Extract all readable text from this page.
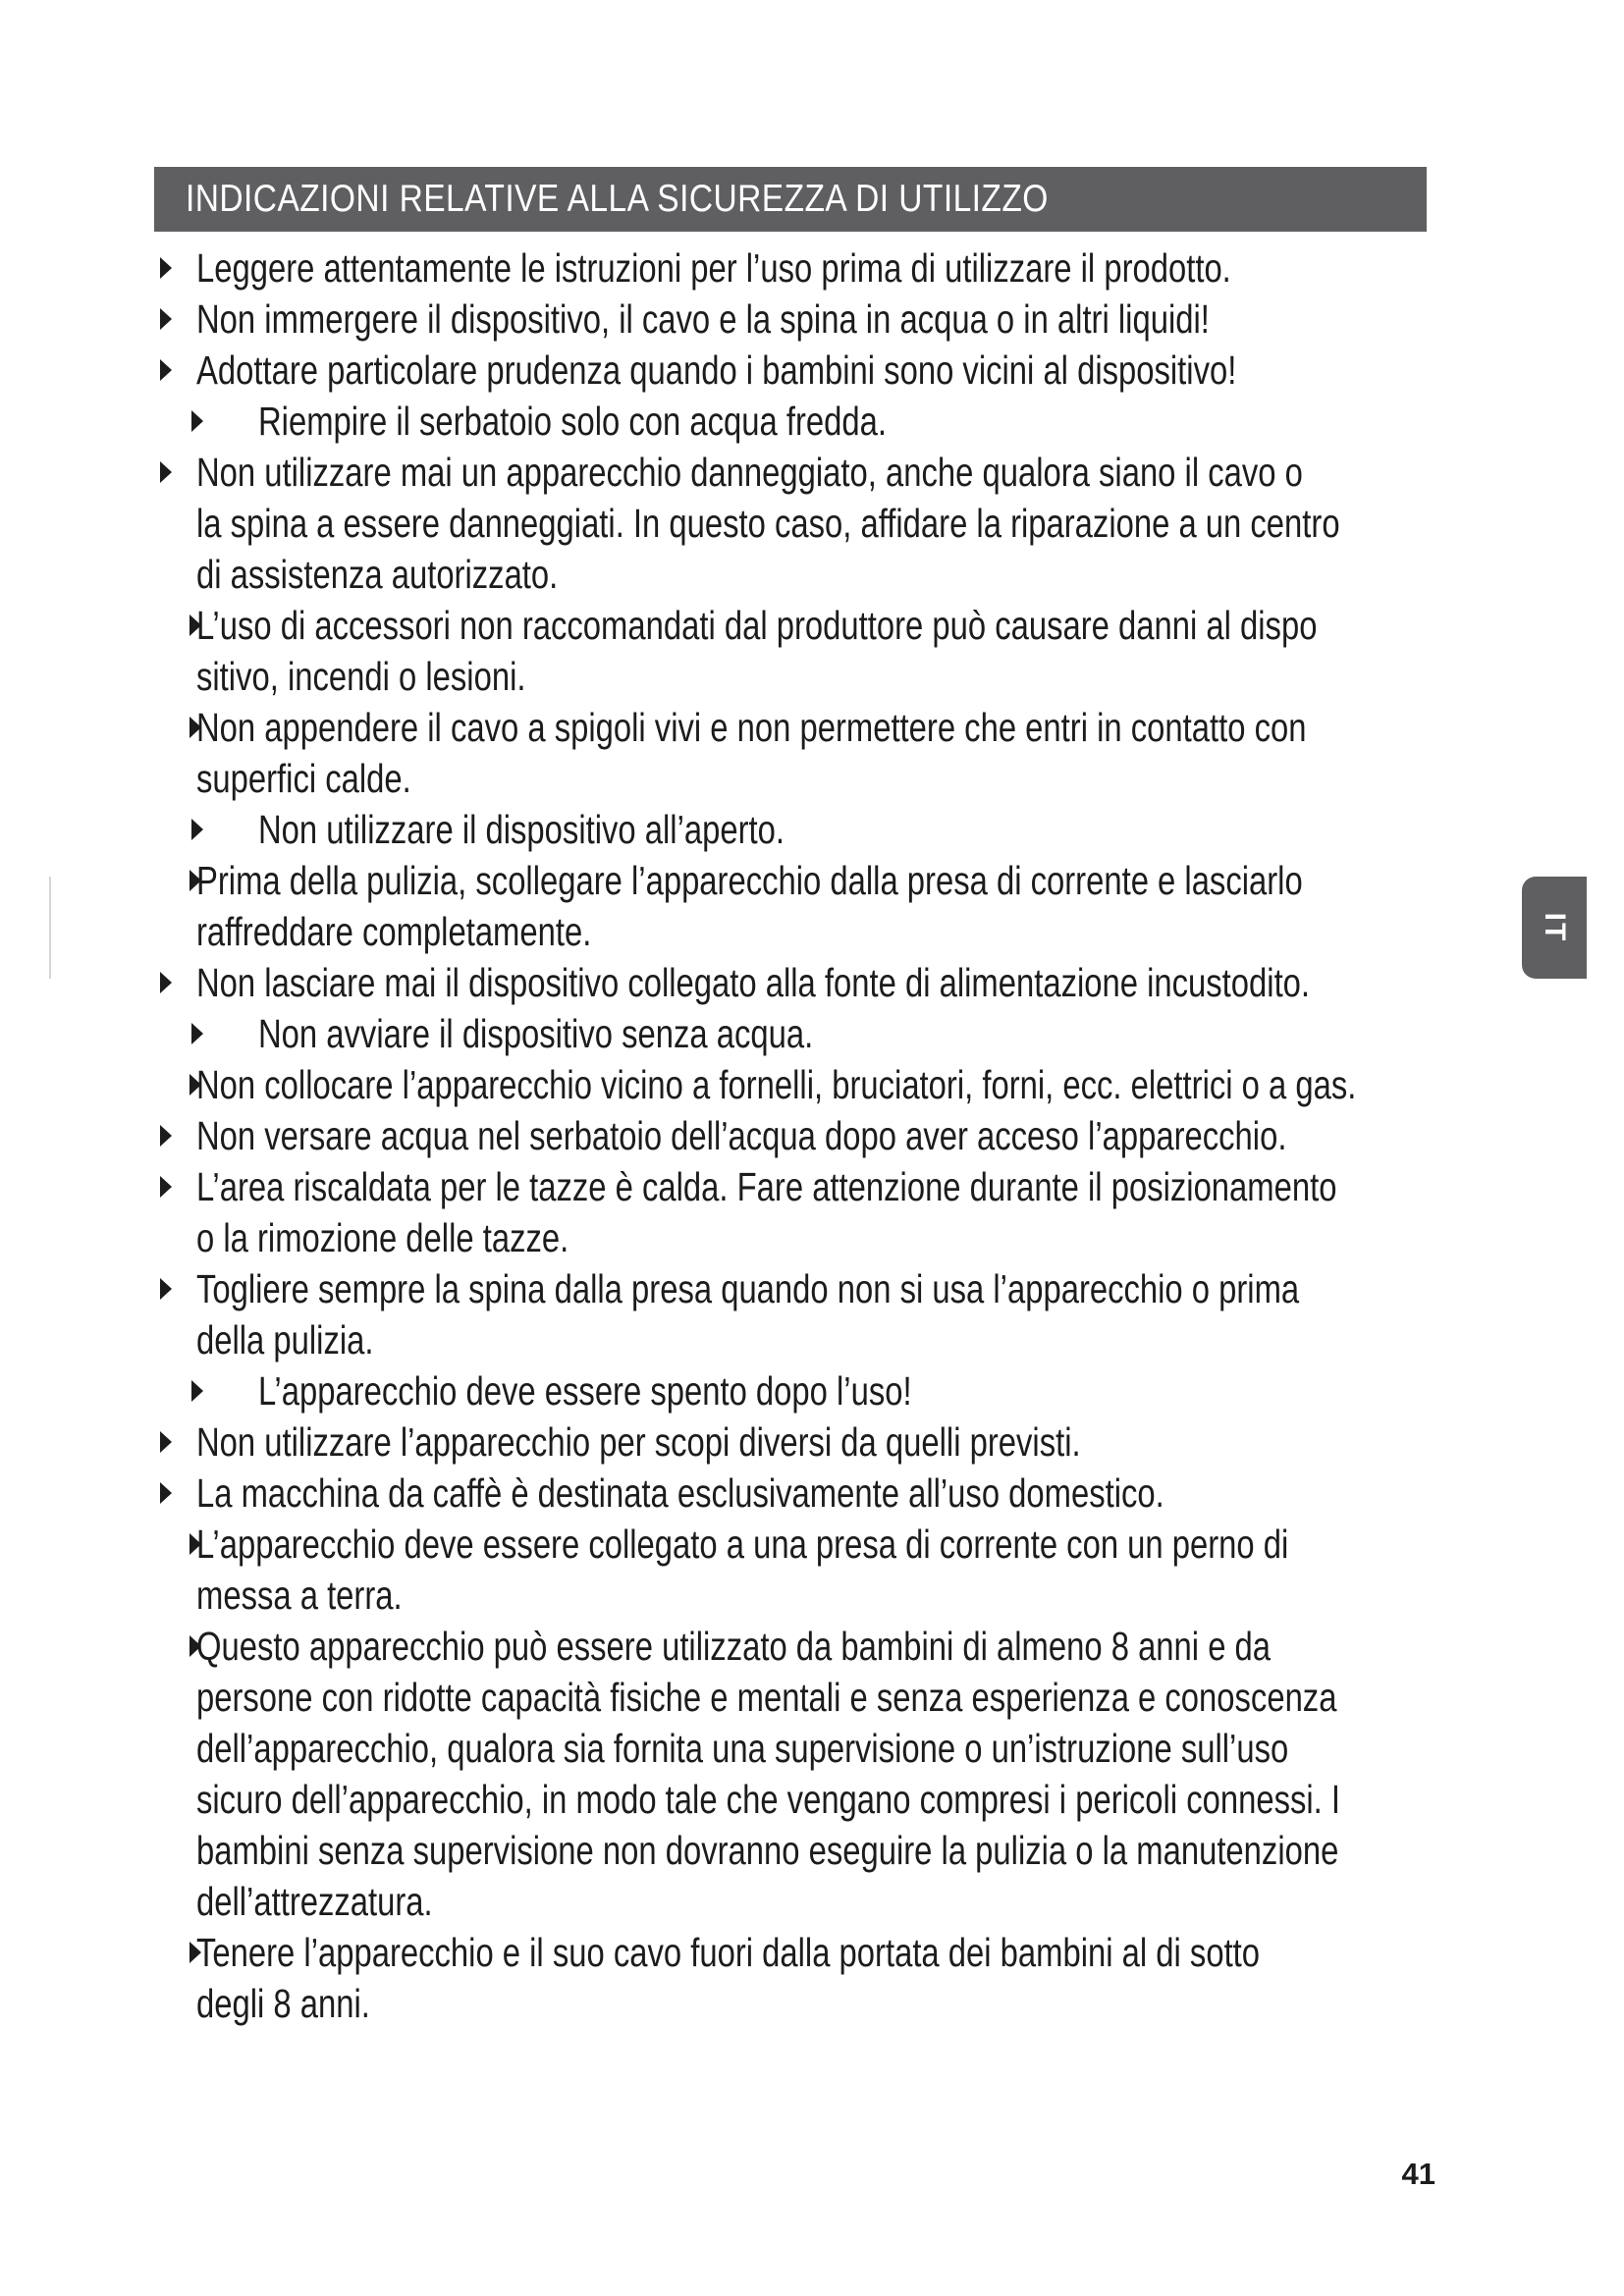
INDICAZIONI RELATIVE ALLA SICUREZZA DI UTILIZZO
Leggere attentamente le istruzioni per l’uso prima di utilizzare il prodotto.
Non immergere il dispositivo, il cavo e la spina in acqua o in altri liquidi!
Adottare particolare prudenza quando i bambini sono vicini al dispositivo!
Riempire il serbatoio solo con acqua fredda.
Non utilizzare mai un apparecchio danneggiato, anche qualora siano il cavo o
la spina a essere danneggiati. In questo caso, affidare la riparazione a un centro
di assistenza autorizzato.
L’uso di accessori non raccomandati dal produttore può causare danni al dispo
sitivo, incendi o lesioni.
Non appendere il cavo a spigoli vivi e non permettere che entri in contatto con
superfici calde.
Non utilizzare il dispositivo all’aperto.
Prima della pulizia, scollegare l’apparecchio dalla presa di corrente e lasciarlo
raffreddare completamente.
Non lasciare mai il dispositivo collegato alla fonte di alimentazione incustodito.
Non avviare il dispositivo senza acqua.
Non collocare l’apparecchio vicino a fornelli, bruciatori, forni, ecc. elettrici o a gas.
Non versare acqua nel serbatoio dell’acqua dopo aver acceso l’apparecchio.
L’area riscaldata per le tazze è calda. Fare attenzione durante il posizionamento
o la rimozione delle tazze.
Togliere sempre la spina dalla presa quando non si usa l’apparecchio o prima
della pulizia.
L’apparecchio deve essere spento dopo l’uso!
Non utilizzare l’apparecchio per scopi diversi da quelli previsti.
La macchina da caffè è destinata esclusivamente all’uso domestico.
L’apparecchio deve essere collegato a una presa di corrente con un perno di
messa a terra.
Questo apparecchio può essere utilizzato da bambini di almeno 8 anni e da
persone con ridotte capacità fisiche e mentali e senza esperienza e conoscenza
dell’apparecchio, qualora sia fornita una supervisione o un’istruzione sull’uso
sicuro dell’apparecchio, in modo tale che vengano compresi i pericoli connessi. I
bambini senza supervisione non dovranno eseguire la pulizia o la manutenzione
dell’attrezzatura.
Tenere l’apparecchio e il suo cavo fuori dalla portata dei bambini al di sotto
degli 8 anni.
IT
41
